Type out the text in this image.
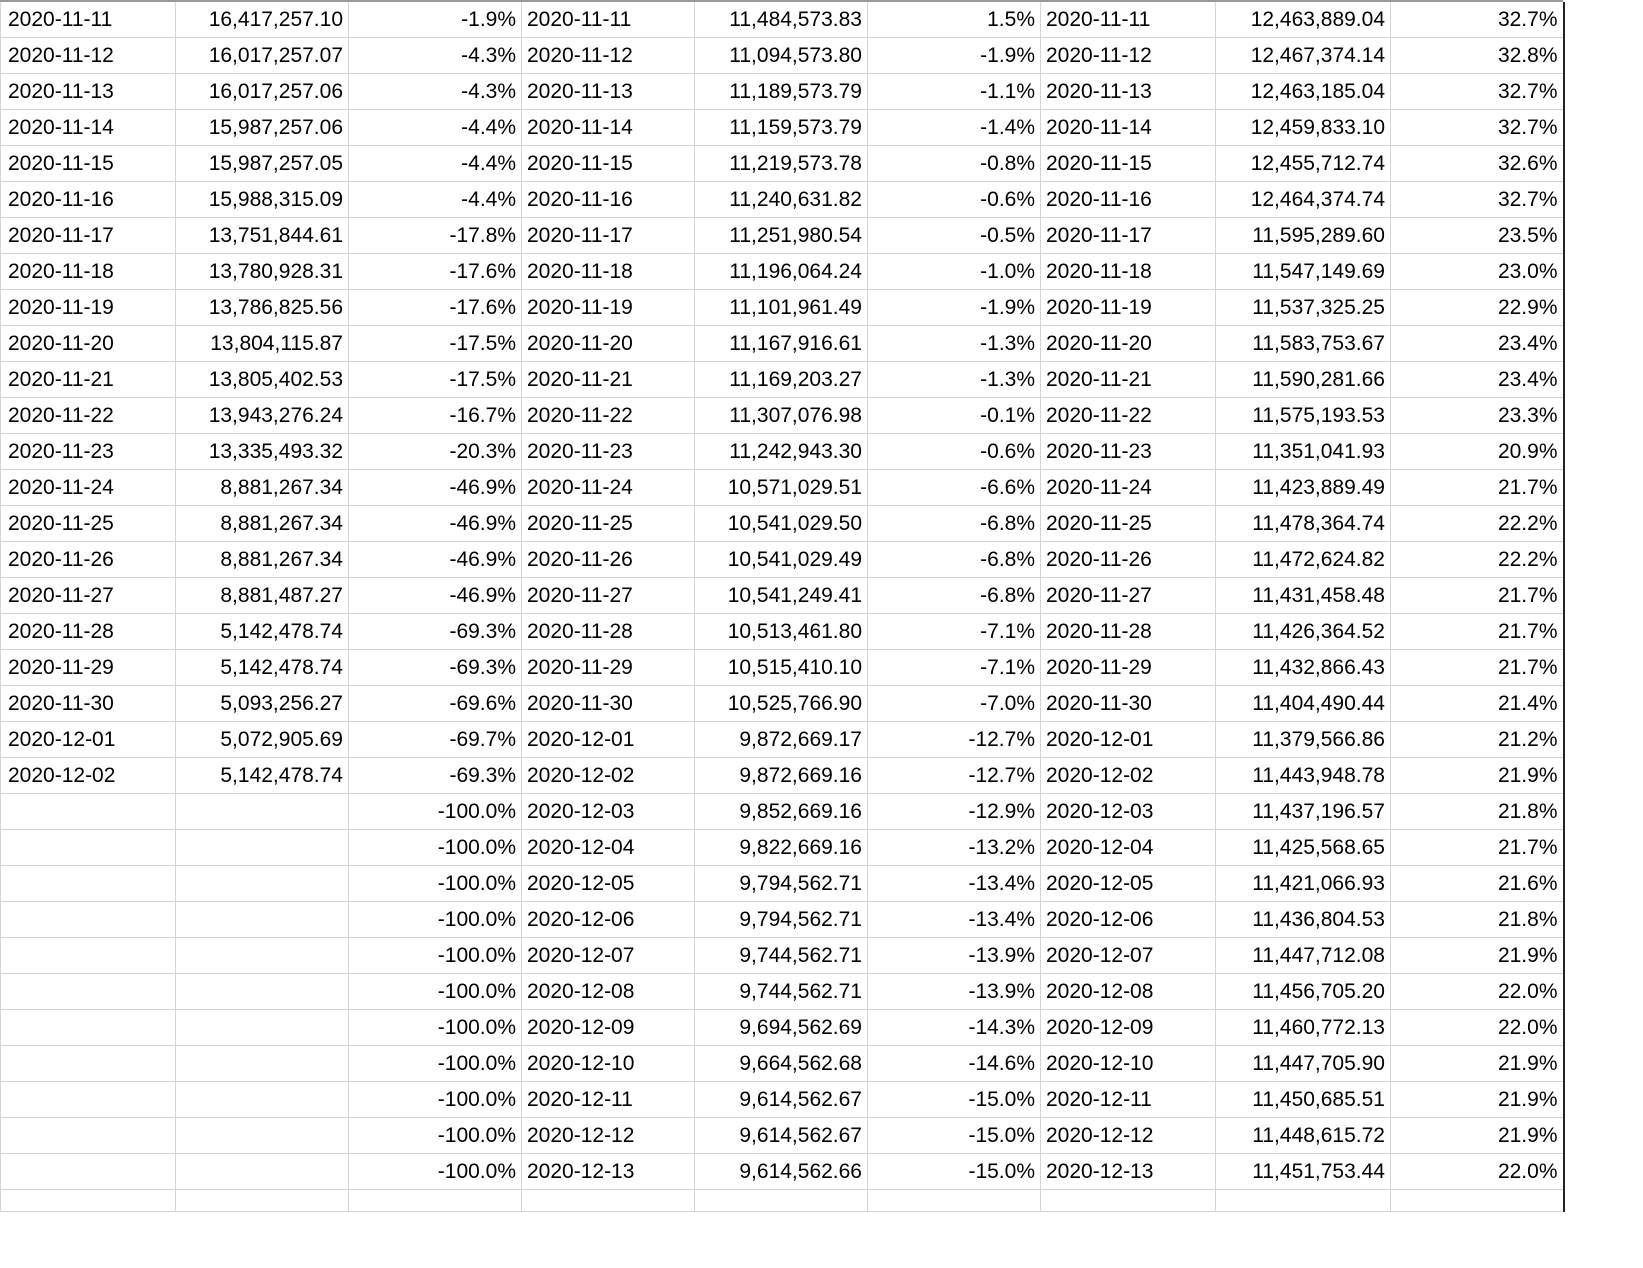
2020-11-11	16,417,257.10	-1.9%	2020-11-11	11,484,573.83	1.5%	2020-11-11	12,463,889.04	32.7%
2020-11-12	16,017,257.07	-4.3%	2020-11-12	11,094,573.80	-1.9%	2020-11-12	12,467,374.14	32.8%
2020-11-13	16,017,257.06	-4.3%	2020-11-13	11,189,573.79	-1.1%	2020-11-13	12,463,185.04	32.7%
2020-11-14	15,987,257.06	-4.4%	2020-11-14	11,159,573.79	-1.4%	2020-11-14	12,459,833.10	32.7%
2020-11-15	15,987,257.05	-4.4%	2020-11-15	11,219,573.78	-0.8%	2020-11-15	12,455,712.74	32.6%
2020-11-16	15,988,315.09	-4.4%	2020-11-16	11,240,631.82	-0.6%	2020-11-16	12,464,374.74	32.7%
2020-11-17	13,751,844.61	-17.8%	2020-11-17	11,251,980.54	-0.5%	2020-11-17	11,595,289.60	23.5%
2020-11-18	13,780,928.31	-17.6%	2020-11-18	11,196,064.24	-1.0%	2020-11-18	11,547,149.69	23.0%
2020-11-19	13,786,825.56	-17.6%	2020-11-19	11,101,961.49	-1.9%	2020-11-19	11,537,325.25	22.9%
2020-11-20	13,804,115.87	-17.5%	2020-11-20	11,167,916.61	-1.3%	2020-11-20	11,583,753.67	23.4%
2020-11-21	13,805,402.53	-17.5%	2020-11-21	11,169,203.27	-1.3%	2020-11-21	11,590,281.66	23.4%
2020-11-22	13,943,276.24	-16.7%	2020-11-22	11,307,076.98	-0.1%	2020-11-22	11,575,193.53	23.3%
2020-11-23	13,335,493.32	-20.3%	2020-11-23	11,242,943.30	-0.6%	2020-11-23	11,351,041.93	20.9%
2020-11-24	8,881,267.34	-46.9%	2020-11-24	10,571,029.51	-6.6%	2020-11-24	11,423,889.49	21.7%
2020-11-25	8,881,267.34	-46.9%	2020-11-25	10,541,029.50	-6.8%	2020-11-25	11,478,364.74	22.2%
2020-11-26	8,881,267.34	-46.9%	2020-11-26	10,541,029.49	-6.8%	2020-11-26	11,472,624.82	22.2%
2020-11-27	8,881,487.27	-46.9%	2020-11-27	10,541,249.41	-6.8%	2020-11-27	11,431,458.48	21.7%
2020-11-28	5,142,478.74	-69.3%	2020-11-28	10,513,461.80	-7.1%	2020-11-28	11,426,364.52	21.7%
2020-11-29	5,142,478.74	-69.3%	2020-11-29	10,515,410.10	-7.1%	2020-11-29	11,432,866.43	21.7%
2020-11-30	5,093,256.27	-69.6%	2020-11-30	10,525,766.90	-7.0%	2020-11-30	11,404,490.44	21.4%
2020-12-01	5,072,905.69	-69.7%	2020-12-01	9,872,669.17	-12.7%	2020-12-01	11,379,566.86	21.2%
2020-12-02	5,142,478.74	-69.3%	2020-12-02	9,872,669.16	-12.7%	2020-12-02	11,443,948.78	21.9%
		-100.0%	2020-12-03	9,852,669.16	-12.9%	2020-12-03	11,437,196.57	21.8%
		-100.0%	2020-12-04	9,822,669.16	-13.2%	2020-12-04	11,425,568.65	21.7%
		-100.0%	2020-12-05	9,794,562.71	-13.4%	2020-12-05	11,421,066.93	21.6%
		-100.0%	2020-12-06	9,794,562.71	-13.4%	2020-12-06	11,436,804.53	21.8%
		-100.0%	2020-12-07	9,744,562.71	-13.9%	2020-12-07	11,447,712.08	21.9%
		-100.0%	2020-12-08	9,744,562.71	-13.9%	2020-12-08	11,456,705.20	22.0%
		-100.0%	2020-12-09	9,694,562.69	-14.3%	2020-12-09	11,460,772.13	22.0%
		-100.0%	2020-12-10	9,664,562.68	-14.6%	2020-12-10	11,447,705.90	21.9%
		-100.0%	2020-12-11	9,614,562.67	-15.0%	2020-12-11	11,450,685.51	21.9%
		-100.0%	2020-12-12	9,614,562.67	-15.0%	2020-12-12	11,448,615.72	21.9%
		-100.0%	2020-12-13	9,614,562.66	-15.0%	2020-12-13	11,451,753.44	22.0%
